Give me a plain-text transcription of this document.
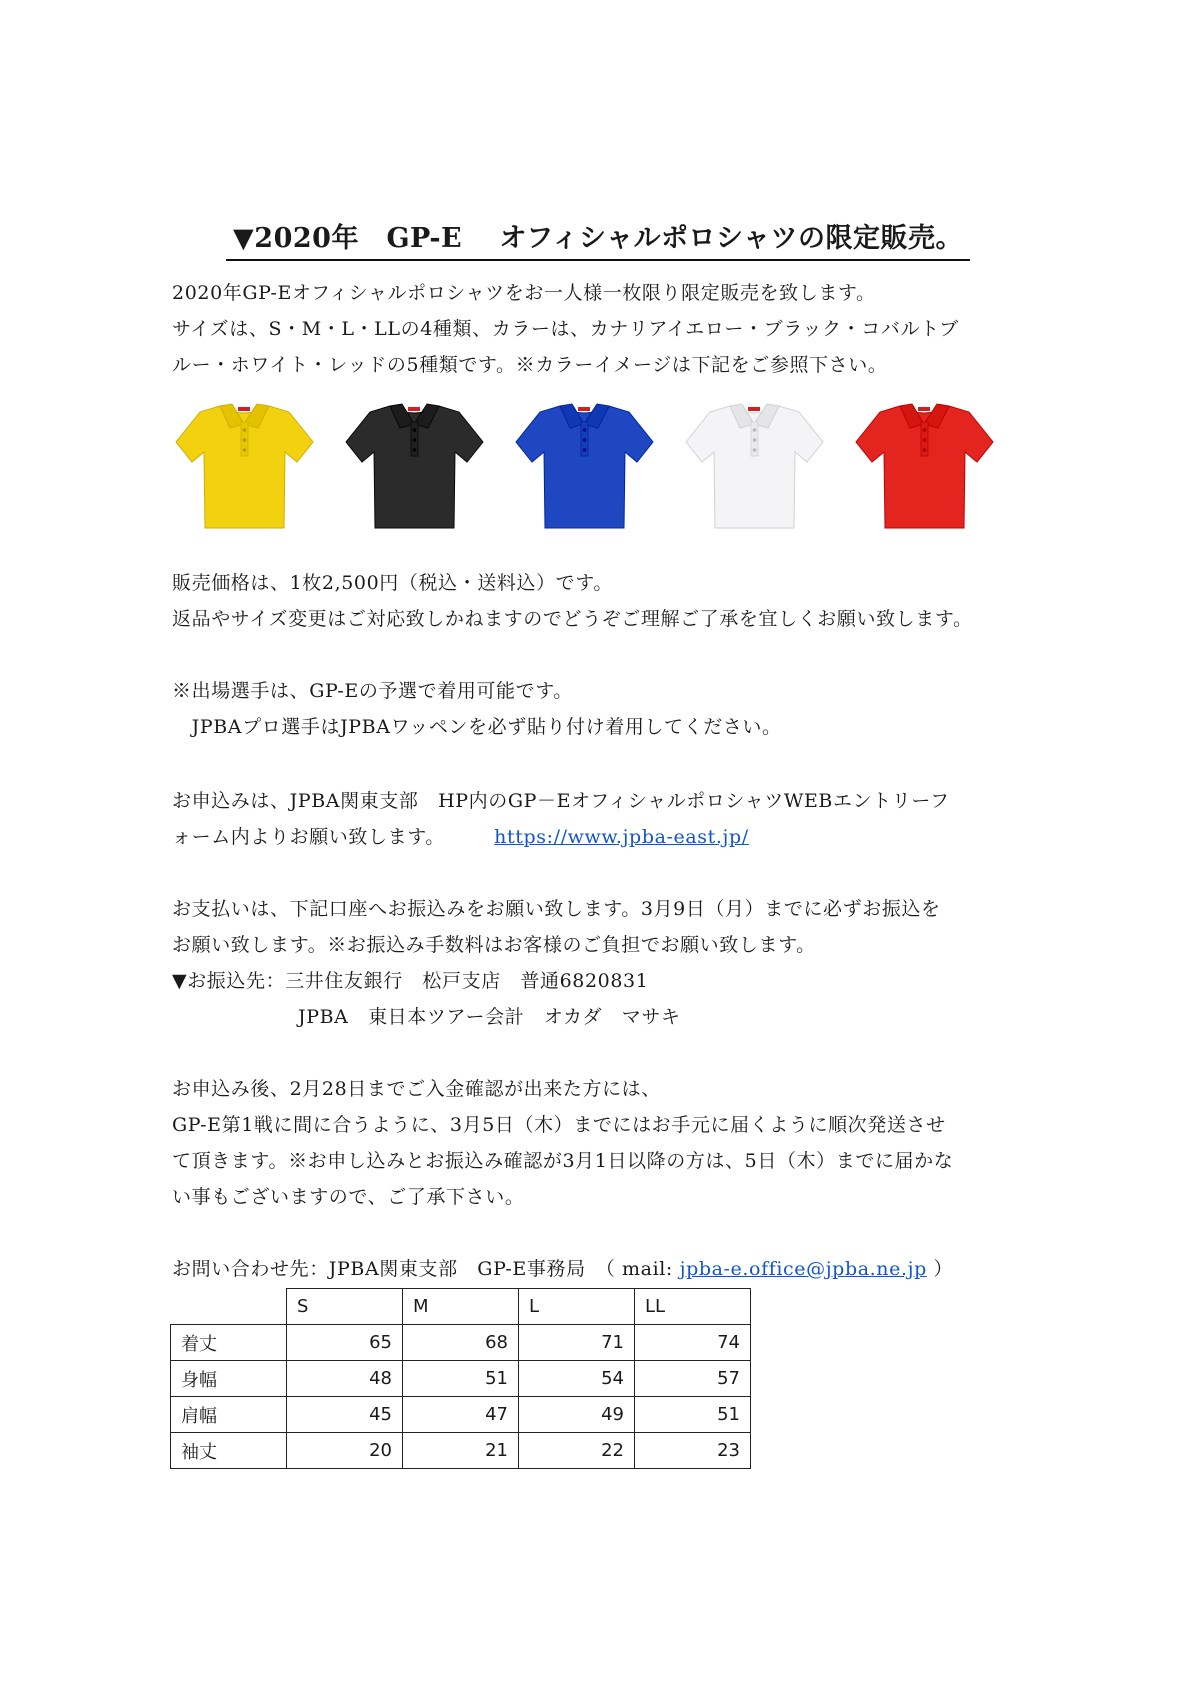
▼2020年　GP-E　 オフィシャルポロシャツの限定販売。
2020年GP-Eオフィシャルポロシャツをお一人様一枚限り限定販売を致します。
サイズは、S・M・L・LLの4種類、カラーは、カナリアイエロー・ブラック・コバルトブ
ルー・ホワイト・レッドの5種類です。※カラーイメージは下記をご参照下さい。
販売価格は、1枚2,500円（税込・送料込）です。
返品やサイズ変更はご対応致しかねますのでどうぞご理解ご了承を宜しくお願い致します。
※出場選手は、GP-Eの予選で着用可能です。
　JPBAプロ選手はJPBAワッペンを必ず貼り付け着用してください。
お申込みは、JPBA関東支部　HP内のGP－EオフィシャルポロシャツWEBエントリーフ
ォーム内よりお願い致します。	https://www.jpba-east.jp/
お支払いは、下記口座へお振込みをお願い致します。3月9日（月）までに必ずお振込を
お願い致します。※お振込み手数料はお客様のご負担でお願い致します。
▼お振込先：三井住友銀行　松戸支店　普通6820831
JPBA　東日本ツアー会計　オカダ　マサキ
お申込み後、2月28日までご入金確認が出来た方には、
GP-E第1戦に間に合うように、3月5日（木）までにはお手元に届くように順次発送させ
て頂きます。※お申し込みとお振込み確認が3月1日以降の方は、5日（木）までに届かな
い事もございますので、ご了承下さい。
お問い合わせ先：JPBA関東支部　GP-E事務局　（ mail: jpba-e.office@jpba.ne.jp ）
	S	M	L	LL
着丈	65	68	71	74
身幅	48	51	54	57
肩幅	45	47	49	51
袖丈	20	21	22	23
